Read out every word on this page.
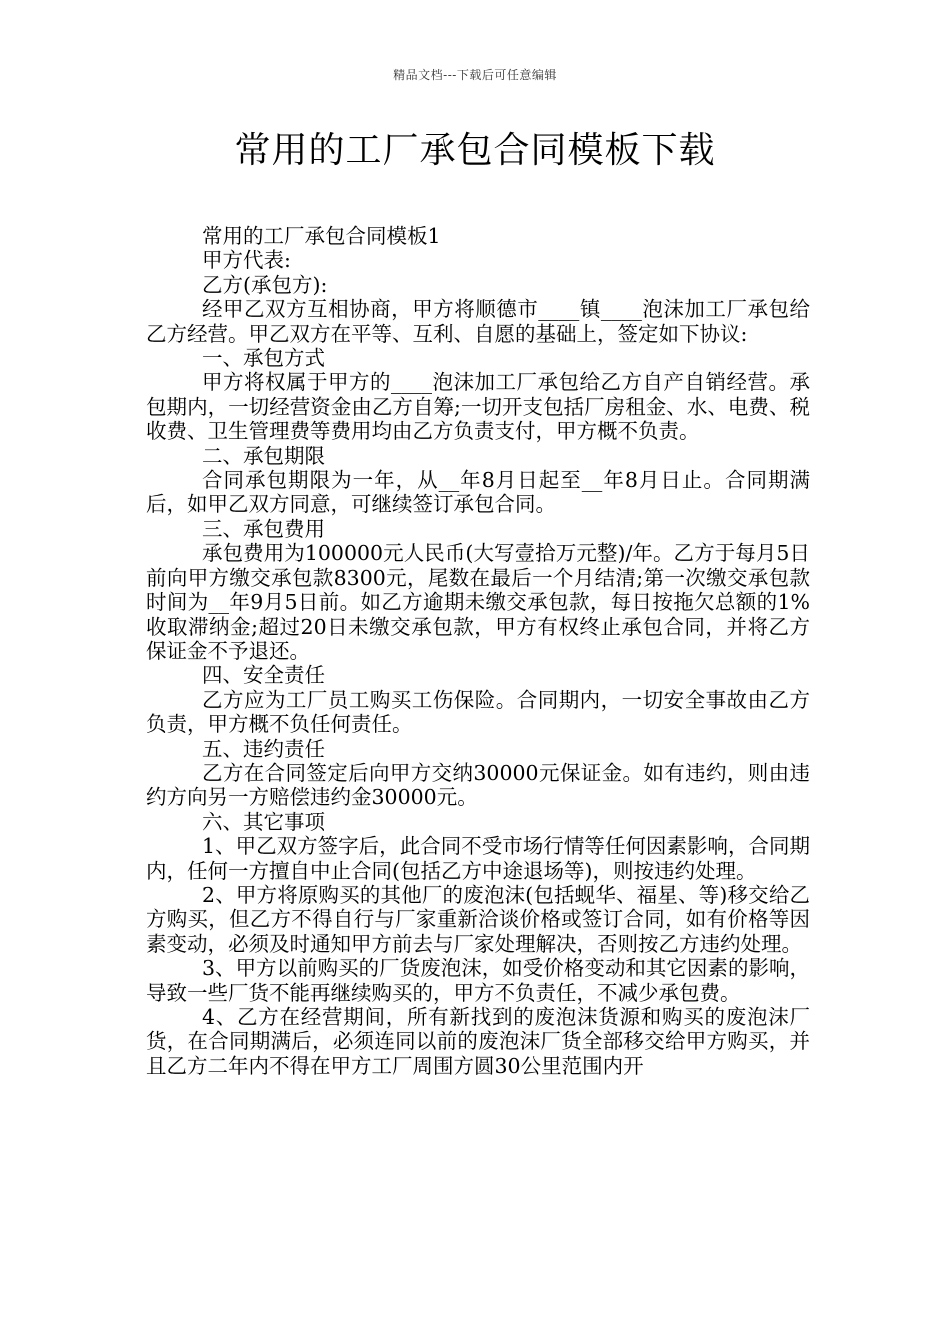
精品文档---下载后可任意编辑
常用的工厂承包合同模板下载

常用的工厂承包合同模板1

甲方代表:

乙方(承包方):

经甲乙双方互相协商，甲方将顺德市____镇____泡沫加工厂承包给乙方经营。甲乙双方在平等、互利、自愿的基础上，签定如下协议:

一、承包方式

甲方将权属于甲方的____泡沫加工厂承包给乙方自产自销经营。承包期内，一切经营资金由乙方自筹;一切开支包括厂房租金、水、电费、税收费、卫生管理费等费用均由乙方负责支付，甲方概不负责。

二、承包期限

合同承包期限为一年，从__年8月日起至__年8月日止。合同期满后，如甲乙双方同意，可继续签订承包合同。

三、承包费用

承包费用为100000元人民币(大写壹拾万元整)/年。乙方于每月5日前向甲方缴交承包款8300元，尾数在最后一个月结清;第一次缴交承包款时间为__年9月5日前。如乙方逾期未缴交承包款，每日按拖欠总额的1%收取滞纳金;超过20日未缴交承包款，甲方有权终止承包合同，并将乙方保证金不予退还。

四、安全责任

乙方应为工厂员工购买工伤保险。合同期内，一切安全事故由乙方负责，甲方概不负任何责任。

五、违约责任

乙方在合同签定后向甲方交纳30000元保证金。如有违约，则由违约方向另一方赔偿违约金30000元。

六、其它事项

1、甲乙双方签字后，此合同不受市场行情等任何因素影响，合同期内，任何一方擅自中止合同(包括乙方中途退场等)，则按违约处理。

2、甲方将原购买的其他厂的废泡沫(包括蚬华、福星、等)移交给乙方购买，但乙方不得自行与厂家重新洽谈价格或签订合同，如有价格等因素变动，必须及时通知甲方前去与厂家处理解决，否则按乙方违约处理。

3、甲方以前购买的厂货废泡沫，如受价格变动和其它因素的影响，导致一些厂货不能再继续购买的，甲方不负责任，不减少承包费。

4、乙方在经营期间，所有新找到的废泡沫货源和购买的废泡沫厂货，在合同期满后，必须连同以前的废泡沫厂货全部移交给甲方购买，并且乙方二年内不得在甲方工厂周围方圆30公里范围内开
